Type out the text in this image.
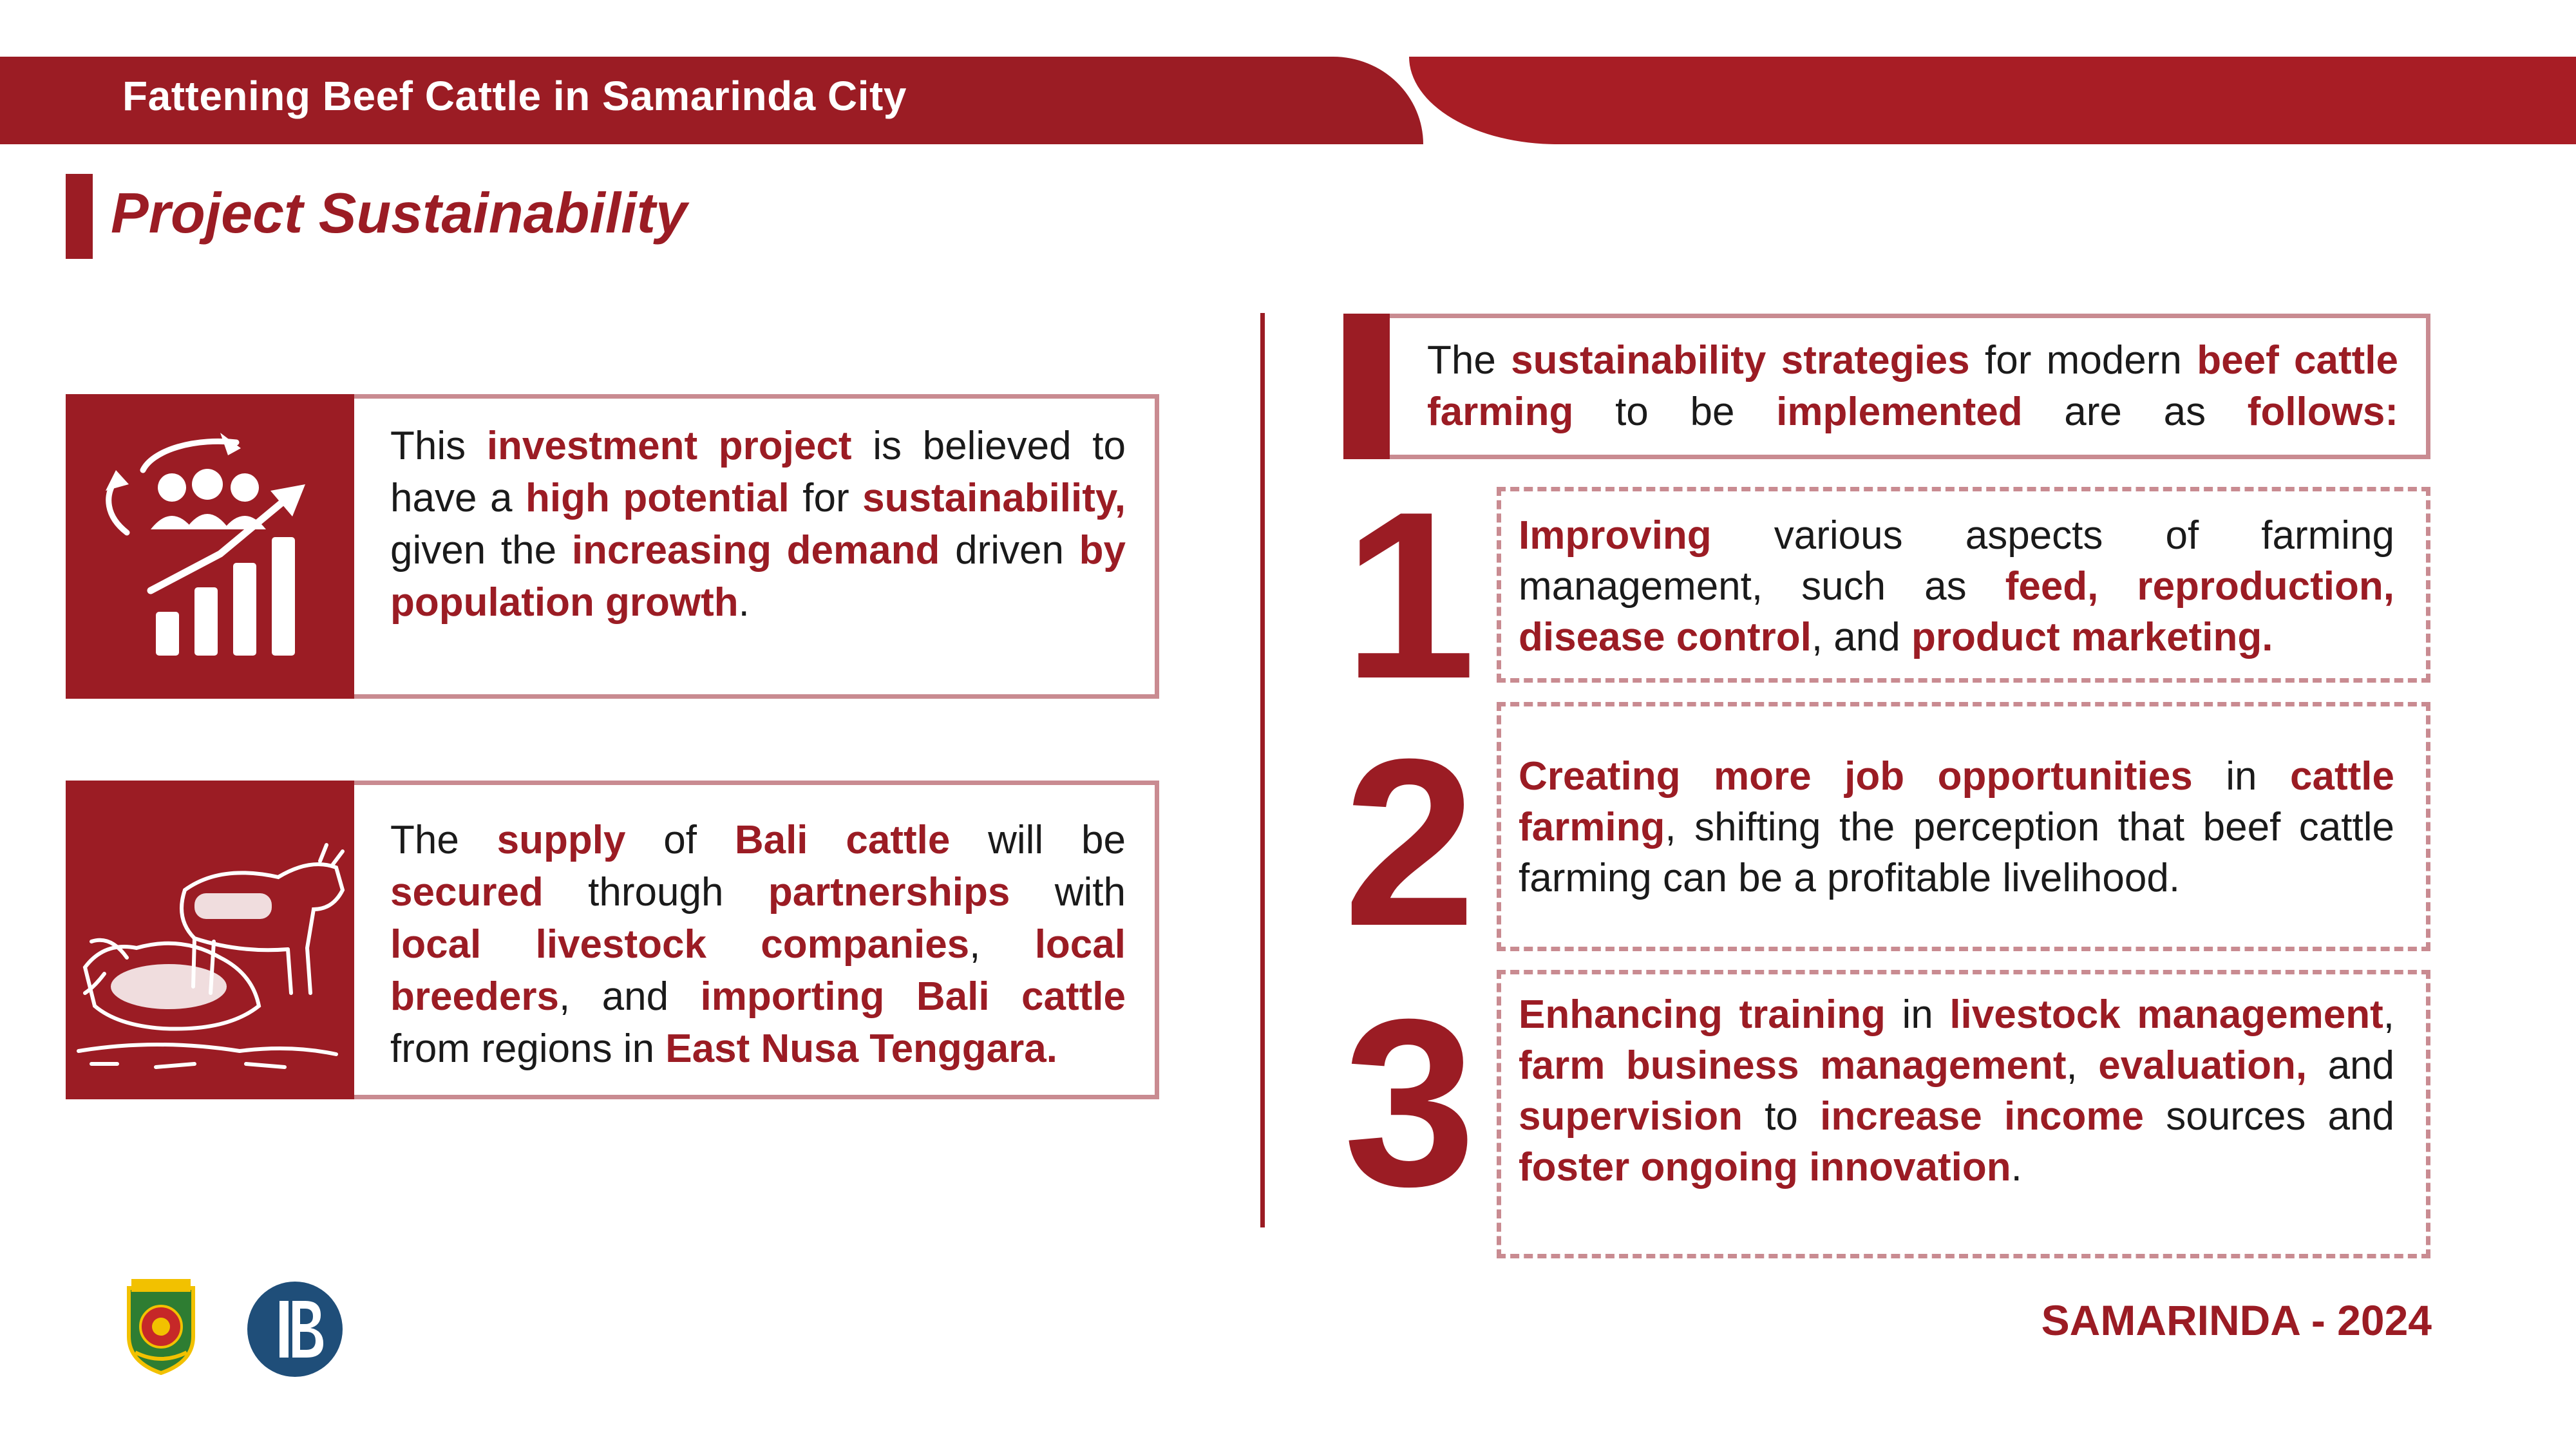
Fattening Beef Cattle in Samarinda City
Project Sustainability
This investment project is believed to have a high potential for sustainability, given the increasing demand driven by population growth.
The supply of Bali cattle will be secured through partnerships with local livestock companies, local breeders, and importing Bali cattle from regions in East Nusa Tenggara.
The sustainability strategies for modern beef cattle farming to be implemented are as follows:
1 Improving various aspects of farming management, such as feed, reproduction, disease control, and product marketing.
2 Creating more job opportunities in cattle farming, shifting the perception that beef cattle farming can be a profitable livelihood.
3 Enhancing training in livestock management, farm business management, evaluation, and supervision to increase income sources and foster ongoing innovation.
SAMARINDA - 2024
